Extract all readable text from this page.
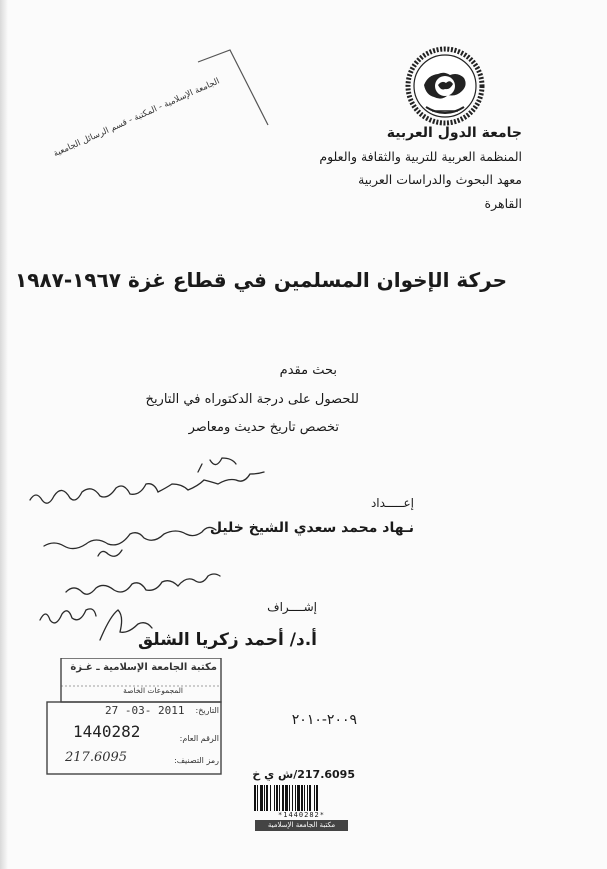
جامعة الدول العربية
المنظمة العربية للتربية والثقافة والعلوم
معهد البحوث والدراسات العربية
القاهرة
الجامعة الإسلامية - المكتبة - قسم الرسائل الجامعية
حركة الإخوان المسلمين في قطاع غزة ١٩٦٧-١٩٨٧
بحث مقدم
للحصول على درجة الدكتوراه في التاريخ
تخصص تاريخ حديث ومعاصر
إعـــــداد
نـهاد محمد سعدي الشيخ خليل
إشــــراف
أ.د/ أحمد زكريا الشلق
٢٠٠٩-٢٠١٠
مكتبة الجامعة الإسلامية ـ غـزة
المجموعات الخاصة
التاريخ:
27 -03- 2011
الرقم العام:
1440282
رمز التصنيف:
217.6095
217.6095/ش ي خ
*1440282*
مكتبة الجامعة الإسلامية
